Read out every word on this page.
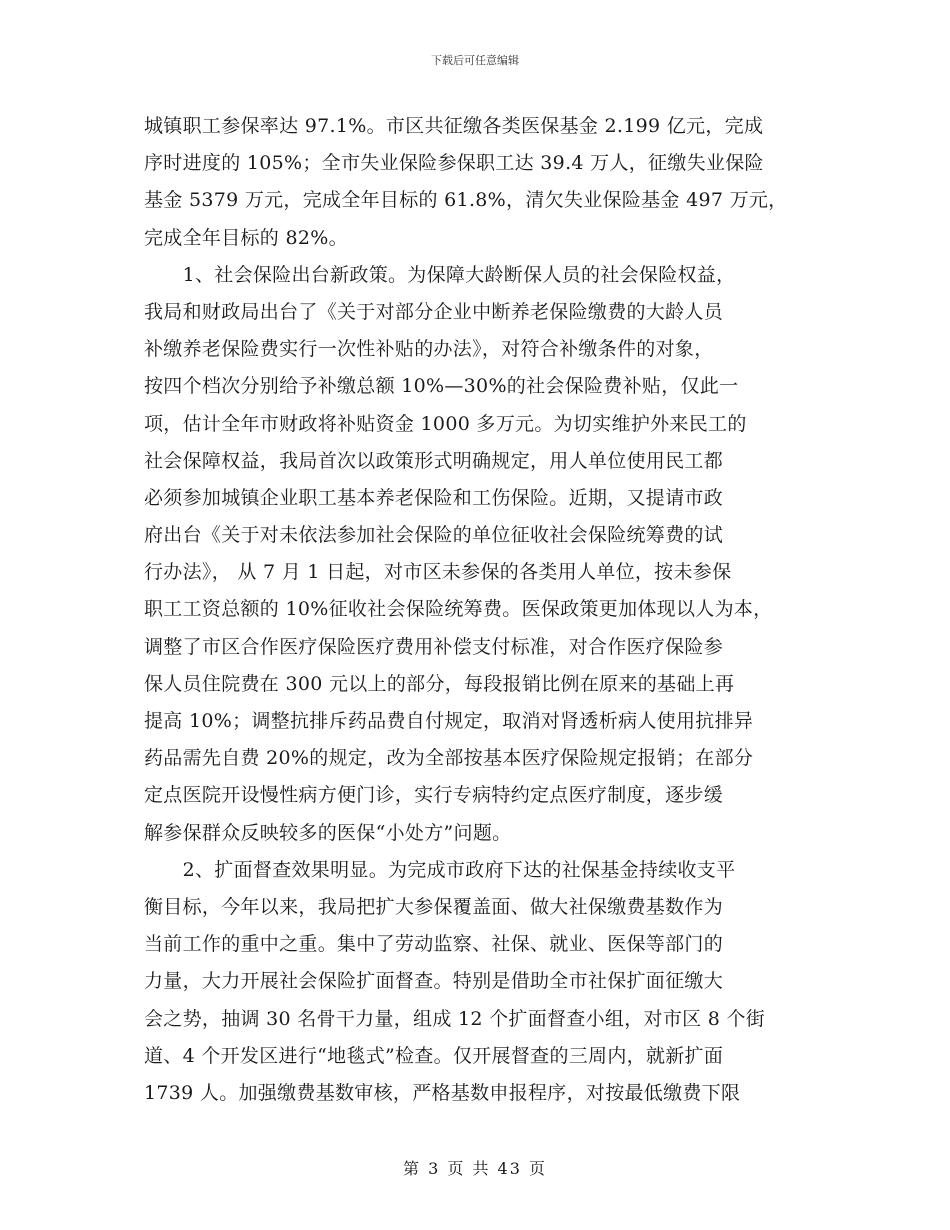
下载后可任意编辑
城镇职工参保率达 97.1%。市区共征缴各类医保基金 2.199 亿元，完成
序时进度的 105%；全市失业保险参保职工达 39.4 万人，征缴失业保险
基金 5379 万元，完成全年目标的 61.8%，清欠失业保险基金 497 万元，
完成全年目标的 82%。
　　1、社会保险出台新政策。为保障大龄断保人员的社会保险权益，
我局和财政局出台了《关于对部分企业中断养老保险缴费的大龄人员
补缴养老保险费实行一次性补贴的办法》，对符合补缴条件的对象，
按四个档次分别给予补缴总额 10%—30%的社会保险费补贴，仅此一
项，估计全年市财政将补贴资金 1000 多万元。为切实维护外来民工的
社会保障权益，我局首次以政策形式明确规定，用人单位使用民工都
必须参加城镇企业职工基本养老保险和工伤保险。近期，又提请市政
府出台《关于对未依法参加社会保险的单位征收社会保险统筹费的试
行办法》， 从 7 月 1 日起，对市区未参保的各类用人单位，按未参保
职工工资总额的 10%征收社会保险统筹费。医保政策更加体现以人为本，
调整了市区合作医疗保险医疗费用补偿支付标准，对合作医疗保险参
保人员住院费在 300 元以上的部分，每段报销比例在原来的基础上再
提高 10%；调整抗排斥药品费自付规定，取消对肾透析病人使用抗排异
药品需先自费 20%的规定，改为全部按基本医疗保险规定报销；在部分
定点医院开设慢性病方便门诊，实行专病特约定点医疗制度，逐步缓
解参保群众反映较多的医保“小处方”问题。
　　2、扩面督查效果明显。为完成市政府下达的社保基金持续收支平
衡目标，今年以来，我局把扩大参保覆盖面、做大社保缴费基数作为
当前工作的重中之重。集中了劳动监察、社保、就业、医保等部门的
力量，大力开展社会保险扩面督查。特别是借助全市社保扩面征缴大
会之势，抽调 30 名骨干力量，组成 12 个扩面督查小组，对市区 8 个街
道、4 个开发区进行“地毯式”检查。仅开展督查的三周内，就新扩面
1739 人。加强缴费基数审核，严格基数申报程序，对按最低缴费下限
第 3 页 共 43 页
